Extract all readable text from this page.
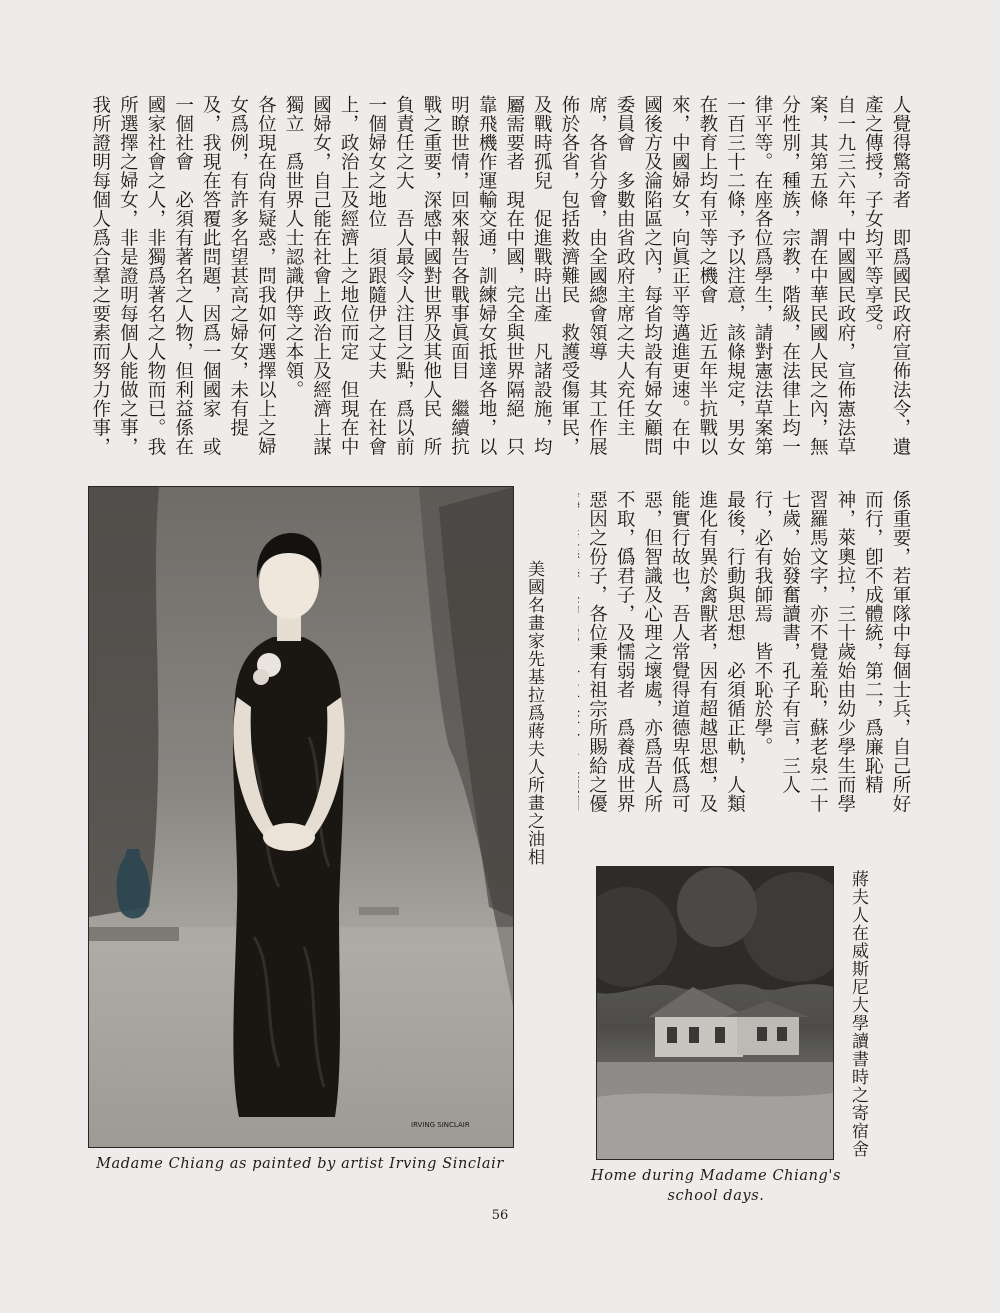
人覺得驚奇者　即爲國民政府宣佈法令，遺產之傳授，子女均平等享受。

自一九三六年，中國國民政府，宣佈憲法草案，其第五條　謂在中華民國人民之內，無分性別，種族，宗教，階級，在法律上均一律平等。在座各位爲學生，請對憲法草案第一百三十二條，予以注意，該條規定，男女在教育上均有平等之機會　近五年半抗戰以來，中國婦女，向眞正平等邁進更速。在中國後方及淪陷區之內，每省均設有婦女顧問委員會　多數由省政府主席之夫人充任主席，各省分會，由全國總會領導　其工作展佈於各省，包括救濟難民　救護受傷軍民，及戰時孤兒　促進戰時出產　凡諸設施，均屬需要者　現在中國，完全與世界隔絕　只靠飛機作運輸交通，訓練婦女抵達各地，以明瞭世情，回來報告各戰事眞面目　繼續抗戰之重要，深感中國對世界及其他人民　所負責任之大　吾人最令人注目之點，爲以前一個婦女之地位　須跟隨伊之丈夫　在社會上，政治上及經濟上之地位而定　但現在中國婦女，自己能在社會上政治上及經濟上謀獨立　爲世界人士認識伊等之本領。

各位現在尙有疑惑，問我如何選擇以上之婦女爲例，有許多名望甚高之婦女，未有提及，我現在答覆此問題，因爲一個國家　或一個社會　必須有著名之人物，但利益係在國家社會之人，非獨爲著名之人物而已。我所選擇之婦女，非是證明每個人能做之事，我所證明每個人爲合羣之要素而努力作事，　　　　　　

係重要，若軍隊中每個士兵，自己所好而行，卽不成體統，第二，爲廉恥精神，萊奧拉，三十歲始由幼少學生而學習羅馬文字，亦不覺羞恥，蘇老泉二十七歲，始發奮讀書，孔子有言，三人行，必有我師焉　皆不恥於學。

最後，行動與思想　必須循正軌，人類進化有異於禽獸者，因有超越思想，及能實行故也，吾人常覺得道德卑低爲可惡，但智識及心理之壞處，亦爲吾人所不取，僞君子，及懦弱者　爲養成世界惡因之份子，各位秉有祖宗所賜給之優　　　　

IRVING SINCLAIR
美國名畫家先基拉爲蔣夫人所畫之油相
蔣夫人在威斯尼大學讀書時之寄宿舍
Madame Chiang as painted by artist Irving Sinclair
Home during Madame Chiang's
school days.
56
